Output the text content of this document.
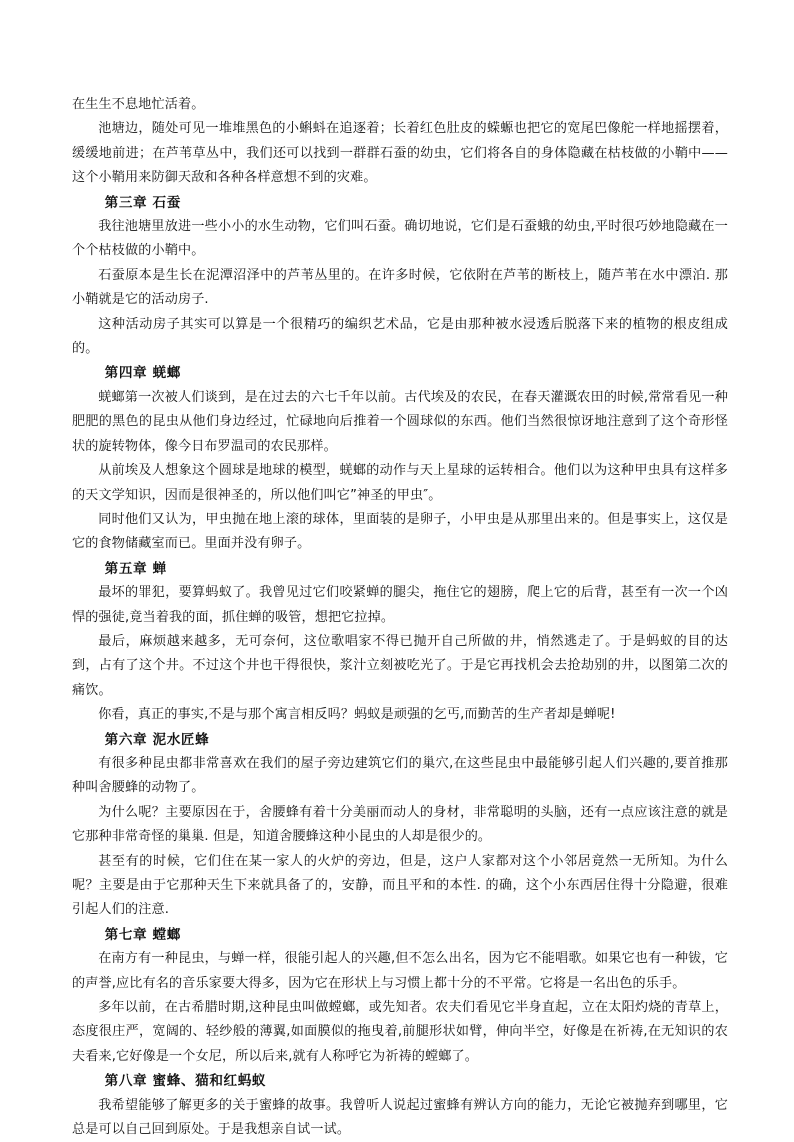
在生生不息地忙活着。

池塘边，随处可见一堆堆黑色的小蝌蚪在追逐着；长着红色肚皮的蝾螈也把它的宽尾巴像舵一样地摇摆着，缓缓地前进；在芦苇草丛中，我们还可以找到一群群石蚕的幼虫，它们将各自的身体隐藏在枯枝做的小鞘中——这个小鞘用来防御天敌和各种各样意想不到的灾难。

第三章 石蚕

我往池塘里放进一些小小的水生动物，它们叫石蚕。确切地说，它们是石蚕蛾的幼虫,平时很巧妙地隐藏在一个个枯枝做的小鞘中。

石蚕原本是生长在泥潭沼泽中的芦苇丛里的。在许多时候，它依附在芦苇的断枝上，随芦苇在水中漂泊. 那小鞘就是它的活动房子.

这种活动房子其实可以算是一个很精巧的编织艺术品，它是由那种被水浸透后脱落下来的植物的根皮组成的。

第四章 蜣螂

蜣螂第一次被人们谈到，是在过去的六七千年以前。古代埃及的农民，在春天灌溉农田的时候,常常看见一种肥肥的黑色的昆虫从他们身边经过，忙碌地向后推着一个圆球似的东西。他们当然很惊讶地注意到了这个奇形怪状的旋转物体，像今日布罗温司的农民那样。

从前埃及人想象这个圆球是地球的模型，蜣螂的动作与天上星球的运转相合。他们以为这种甲虫具有这样多的天文学知识，因而是很神圣的，所以他们叫它”神圣的甲虫″。

同时他们又认为，甲虫抛在地上滚的球体，里面装的是卵子，小甲虫是从那里出来的。但是事实上，这仅是它的食物储藏室而已。里面并没有卵子。

第五章 蝉

最坏的罪犯，要算蚂蚁了。我曾见过它们咬紧蝉的腿尖，拖住它的翅膀，爬上它的后背，甚至有一次一个凶悍的强徒,竟当着我的面，抓住蝉的吸管，想把它拉掉。

最后，麻烦越来越多，无可奈何，这位歌唱家不得已抛开自己所做的井，悄然逃走了。于是蚂蚁的目的达到，占有了这个井。不过这个井也干得很快，浆汁立刻被吃光了。于是它再找机会去抢劫别的井，以图第二次的痛饮。

你看，真正的事实,不是与那个寓言相反吗？蚂蚁是顽强的乞丐,而勤苦的生产者却是蝉呢!

第六章 泥水匠蜂

有很多种昆虫都非常喜欢在我们的屋子旁边建筑它们的巢穴,在这些昆虫中最能够引起人们兴趣的,要首推那种叫舍腰蜂的动物了。

为什么呢？主要原因在于，舍腰蜂有着十分美丽而动人的身材，非常聪明的头脑，还有一点应该注意的就是它那种非常奇怪的巢巢. 但是，知道舍腰蜂这种小昆虫的人却是很少的。

甚至有的时候，它们住在某一家人的火炉的旁边，但是，这户人家都对这个小邻居竟然一无所知。为什么呢？主要是由于它那种天生下来就具备了的，安静，而且平和的本性. 的确，这个小东西居住得十分隐避，很难引起人们的注意.

第七章 螳螂

在南方有一种昆虫，与蝉一样，很能引起人的兴趣,但不怎么出名，因为它不能唱歌。如果它也有一种钹，它的声誉,应比有名的音乐家要大得多，因为它在形状上与习惯上都十分的不平常。它将是一名出色的乐手。

多年以前，在古希腊时期,这种昆虫叫做螳螂，或先知者。农夫们看见它半身直起，立在太阳灼烧的青草上，态度很庄严，宽阔的、轻纱般的薄翼,如面膜似的拖曳着,前腿形状如臂，伸向半空，好像是在祈祷,在无知识的农夫看来,它好像是一个女尼，所以后来,就有人称呼它为祈祷的螳螂了。

第八章 蜜蜂、猫和红蚂蚁

我希望能够了解更多的关于蜜蜂的故事。我曾听人说起过蜜蜂有辨认方向的能力，无论它被抛弃到哪里，它总是可以自己回到原处。于是我想亲自试一试。
